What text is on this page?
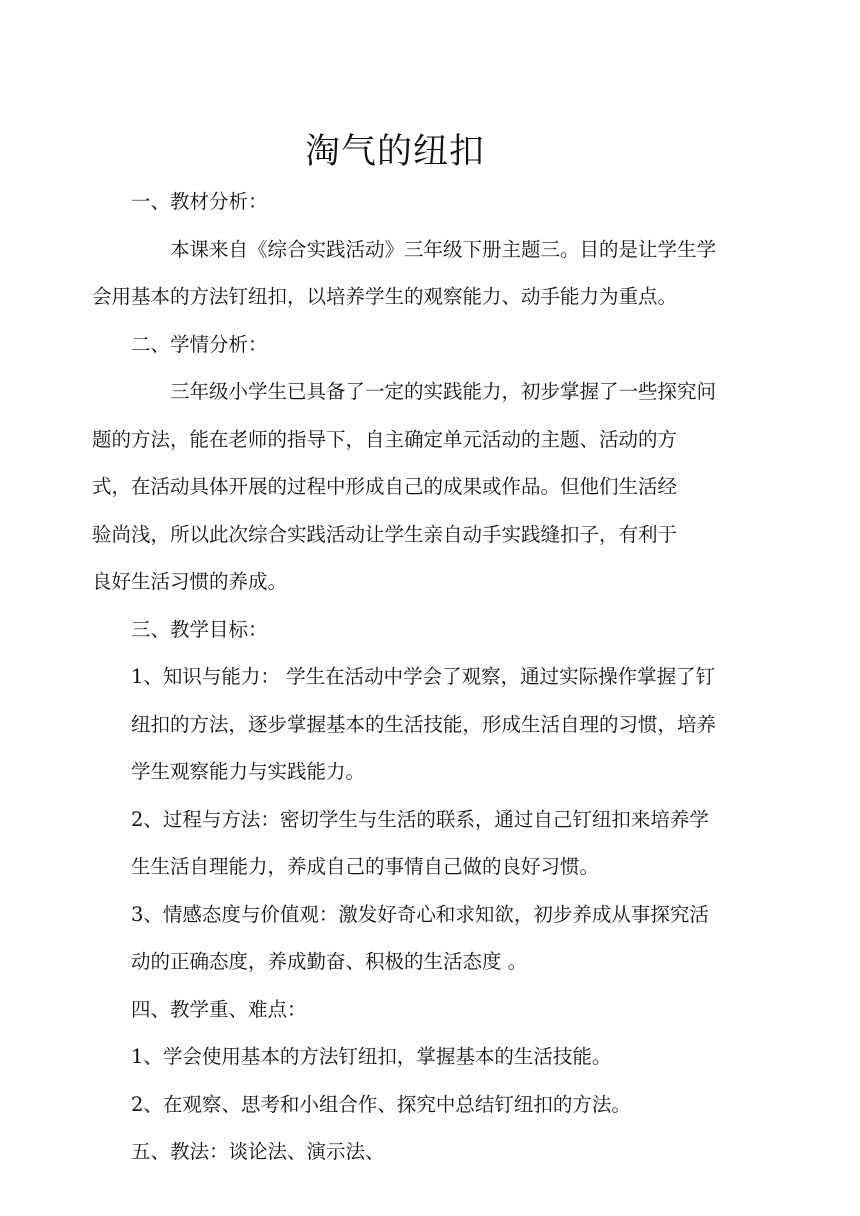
淘气的纽扣

一、教材分析：

本课来自《综合实践活动》三年级下册主题三。目的是让学生学
会用基本的方法钉纽扣，以培养学生的观察能力、动手能力为重点。

二、学情分析：

三年级小学生已具备了一定的实践能力，初步掌握了一些探究问
题的方法，能在老师的指导下，自主确定单元活动的主题、活动的方
式，在活动具体开展的过程中形成自己的成果或作品。但他们生活经
验尚浅，所以此次综合实践活动让学生亲自动手实践缝扣子，有利于
良好生活习惯的养成。

三、教学目标：

1、知识与能力： 学生在活动中学会了观察，通过实际操作掌握了钉
纽扣的方法，逐步掌握基本的生活技能，形成生活自理的习惯，培养
学生观察能力与实践能力。

2、过程与方法：密切学生与生活的联系，通过自己钉纽扣来培养学
生生活自理能力，养成自己的事情自己做的良好习惯。

3、情感态度与价值观：激发好奇心和求知欲，初步养成从事探究活
动的正确态度，养成勤奋、积极的生活态度 。

四、教学重、难点：

1、学会使用基本的方法钉纽扣，掌握基本的生活技能。

2、在观察、思考和小组合作、探究中总结钉纽扣的方法。

五、教法：谈论法、演示法、
